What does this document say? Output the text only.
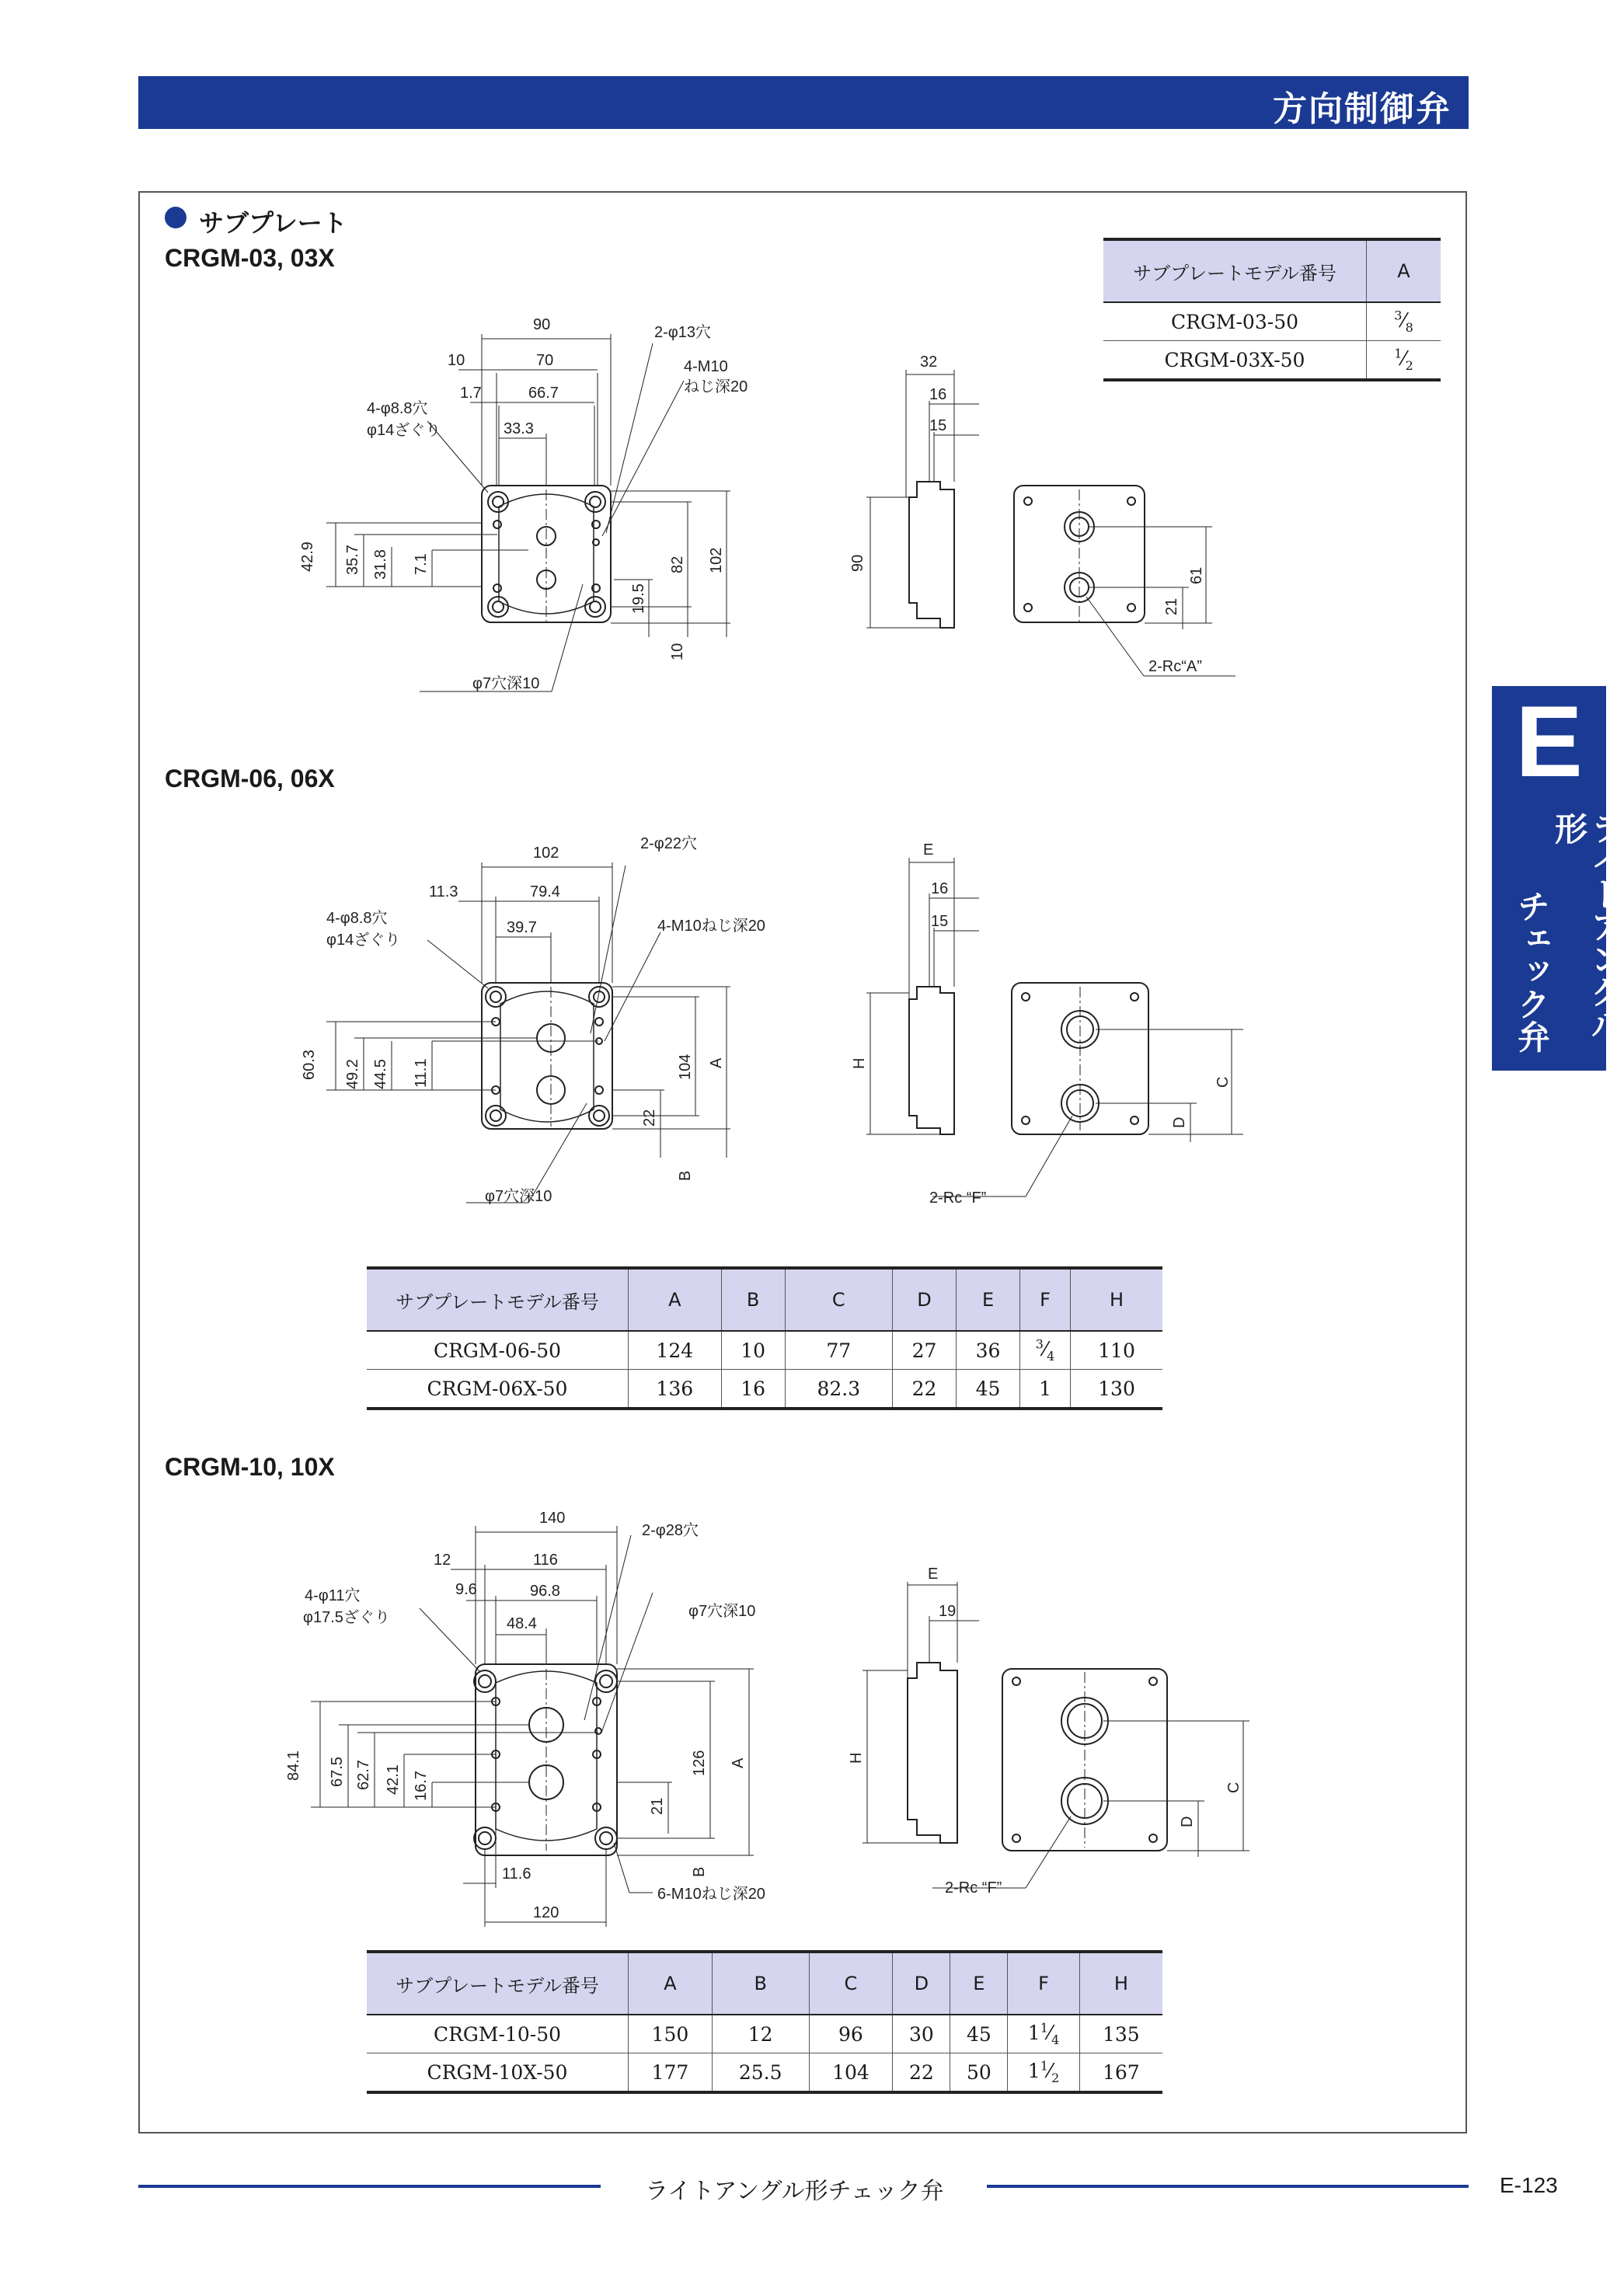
方向制御弁
E
ライトアングル形
チェック弁
サブプレート
CRGM-03, 03X
サブプレートモデル番号	A
CRGM-03-50	$^3⁄_8$
CRGM-03X-50	$^1⁄_2$
90
10	70
1.7	66.7
33.3
4-φ8.8穴
φ14ざぐり
2-φ13穴
4-M10
ねじ深20
42.9 35.7 31.8 7.1
19.5
82 102
10
φ7穴深10
32
16
15
90
21
61
2-Rc“A”
CRGM-06, 06X
102
11.3	79.4
39.7
4-φ8.8穴
φ14ざぐり
2-φ22穴
4-M10ねじ深20
60.3 49.2 44.5 11.1	104 A
22
B
φ7穴深10
E
16
15
H
C
D
2-Rc “F”
サブプレートモデル番号	A	B	C	D	E	F	H
CRGM-06-50	124	10	77	27	36	$^3⁄_4$	110
CRGM-06X-50	136	16	82.3	22	45	1	130
CRGM-10, 10X
140
12	116
2-φ28穴
9.6	96.8
4-φ11穴
φ17.5ざぐり	48.4
φ7穴深10
84.1 67.5 62.7 42.1 16.7
21
126 A
B
11.6
120
6-M10ねじ深20
E
19
H
C
D
2-Rc “F”
サブプレートモデル番号	A	B	C	D	E	F	H
CRGM-10-50	150	12	96	30	45	$1^1⁄_4$	135
CRGM-10X-50	177	25.5	104	22	50	$1^1⁄_2$	167
ライトアングル形チェック弁	E-123
